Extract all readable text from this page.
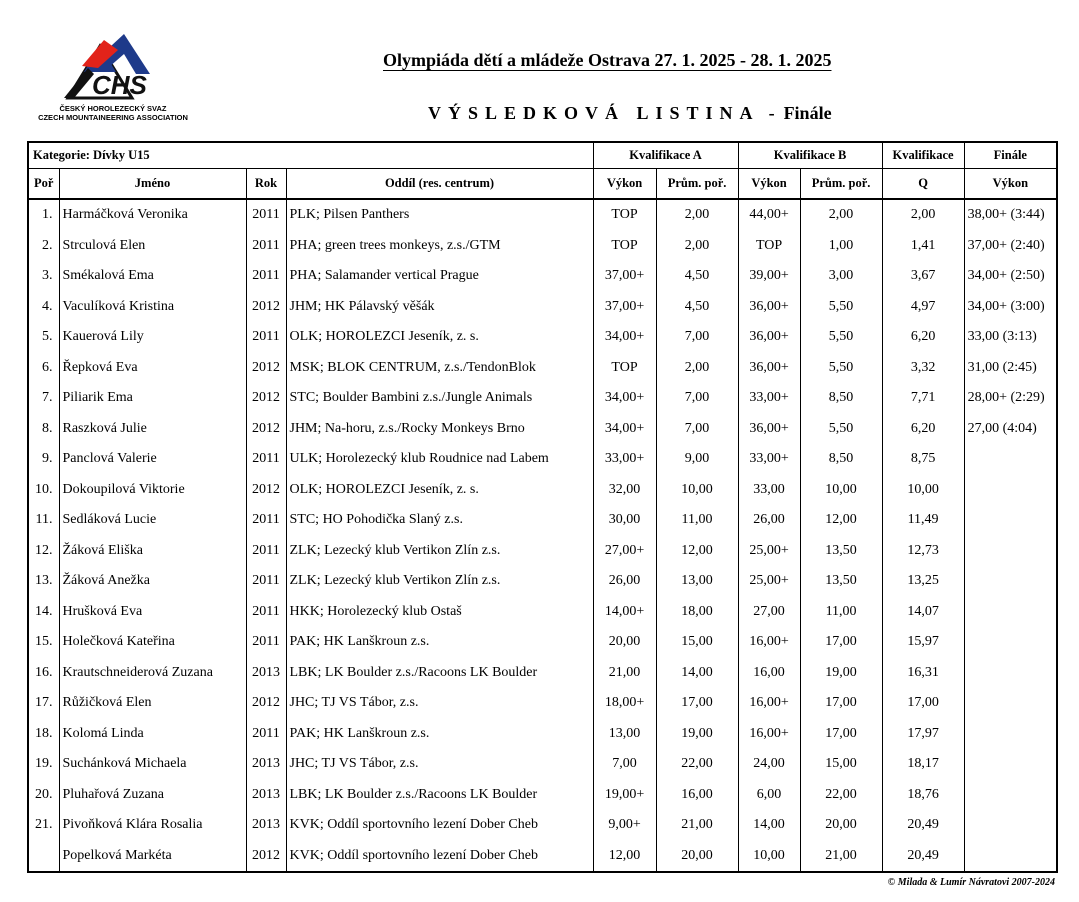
CHS
ČESKÝ HOROLEZECKÝ SVAZ
CZECH MOUNTAINEERING ASSOCIATION
Olympiáda dětí a mládeže Ostrava 27. 1. 2025 - 28. 1. 2025
VÝSLEDKOVÁ LISTINA - Finále
Kategorie: Dívky U15				Kvalifikace A		Kvalifikace B		Kvalifikace	Finále
Poř	Jméno	Rok	Oddíl (res. centrum)	Výkon	Prům. poř.	Výkon	Prům. poř.	Q	Výkon
1.	Harmáčková Veronika	2011	PLK; Pilsen Panthers	TOP	2,00	44,00+	2,00	2,00	38,00+ (3:44)
2.	Strculová Elen	2011	PHA; green trees monkeys, z.s./GTM	TOP	2,00	TOP	1,00	1,41	37,00+ (2:40)
3.	Smékalová Ema	2011	PHA; Salamander vertical Prague	37,00+	4,50	39,00+	3,00	3,67	34,00+ (2:50)
4.	Vaculíková Kristina	2012	JHM; HK Pálavský věšák	37,00+	4,50	36,00+	5,50	4,97	34,00+ (3:00)
5.	Kauerová Lily	2011	OLK; HOROLEZCI Jeseník, z. s.	34,00+	7,00	36,00+	5,50	6,20	33,00 (3:13)
6.	Řepková Eva	2012	MSK; BLOK CENTRUM, z.s./TendonBlok	TOP	2,00	36,00+	5,50	3,32	31,00 (2:45)
7.	Piliarik Ema	2012	STC; Boulder Bambini z.s./Jungle Animals	34,00+	7,00	33,00+	8,50	7,71	28,00+ (2:29)
8.	Raszková Julie	2012	JHM; Na-horu, z.s./Rocky Monkeys Brno	34,00+	7,00	36,00+	5,50	6,20	27,00 (4:04)
9.	Panclová Valerie	2011	ULK; Horolezecký klub Roudnice nad Labem	33,00+	9,00	33,00+	8,50	8,75	
10.	Dokoupilová Viktorie	2012	OLK; HOROLEZCI Jeseník, z. s.	32,00	10,00	33,00	10,00	10,00	
11.	Sedláková Lucie	2011	STC; HO Pohodička Slaný z.s.	30,00	11,00	26,00	12,00	11,49	
12.	Žáková Eliška	2011	ZLK; Lezecký klub Vertikon Zlín z.s.	27,00+	12,00	25,00+	13,50	12,73	
13.	Žáková Anežka	2011	ZLK; Lezecký klub Vertikon Zlín z.s.	26,00	13,00	25,00+	13,50	13,25	
14.	Hrušková Eva	2011	HKK; Horolezecký klub Ostaš	14,00+	18,00	27,00	11,00	14,07	
15.	Holečková Kateřina	2011	PAK; HK Lanškroun z.s.	20,00	15,00	16,00+	17,00	15,97	
16.	Krautschneiderová Zuzana	2013	LBK; LK Boulder z.s./Racoons LK Boulder	21,00	14,00	16,00	19,00	16,31	
17.	Růžičková Elen	2012	JHC; TJ VS Tábor, z.s.	18,00+	17,00	16,00+	17,00	17,00	
18.	Kolomá Linda	2011	PAK; HK Lanškroun z.s.	13,00	19,00	16,00+	17,00	17,97	
19.	Suchánková Michaela	2013	JHC; TJ VS Tábor, z.s.	7,00	22,00	24,00	15,00	18,17	
20.	Pluhařová Zuzana	2013	LBK; LK Boulder z.s./Racoons LK Boulder	19,00+	16,00	6,00	22,00	18,76	
21.	Pivoňková Klára Rosalia	2013	KVK; Oddíl sportovního lezení Dober Cheb	9,00+	21,00	14,00	20,00	20,49	
	Popelková Markéta	2012	KVK; Oddíl sportovního lezení Dober Cheb	12,00	20,00	10,00	21,00	20,49	
© Milada & Lumír Návratovi 2007-2024
